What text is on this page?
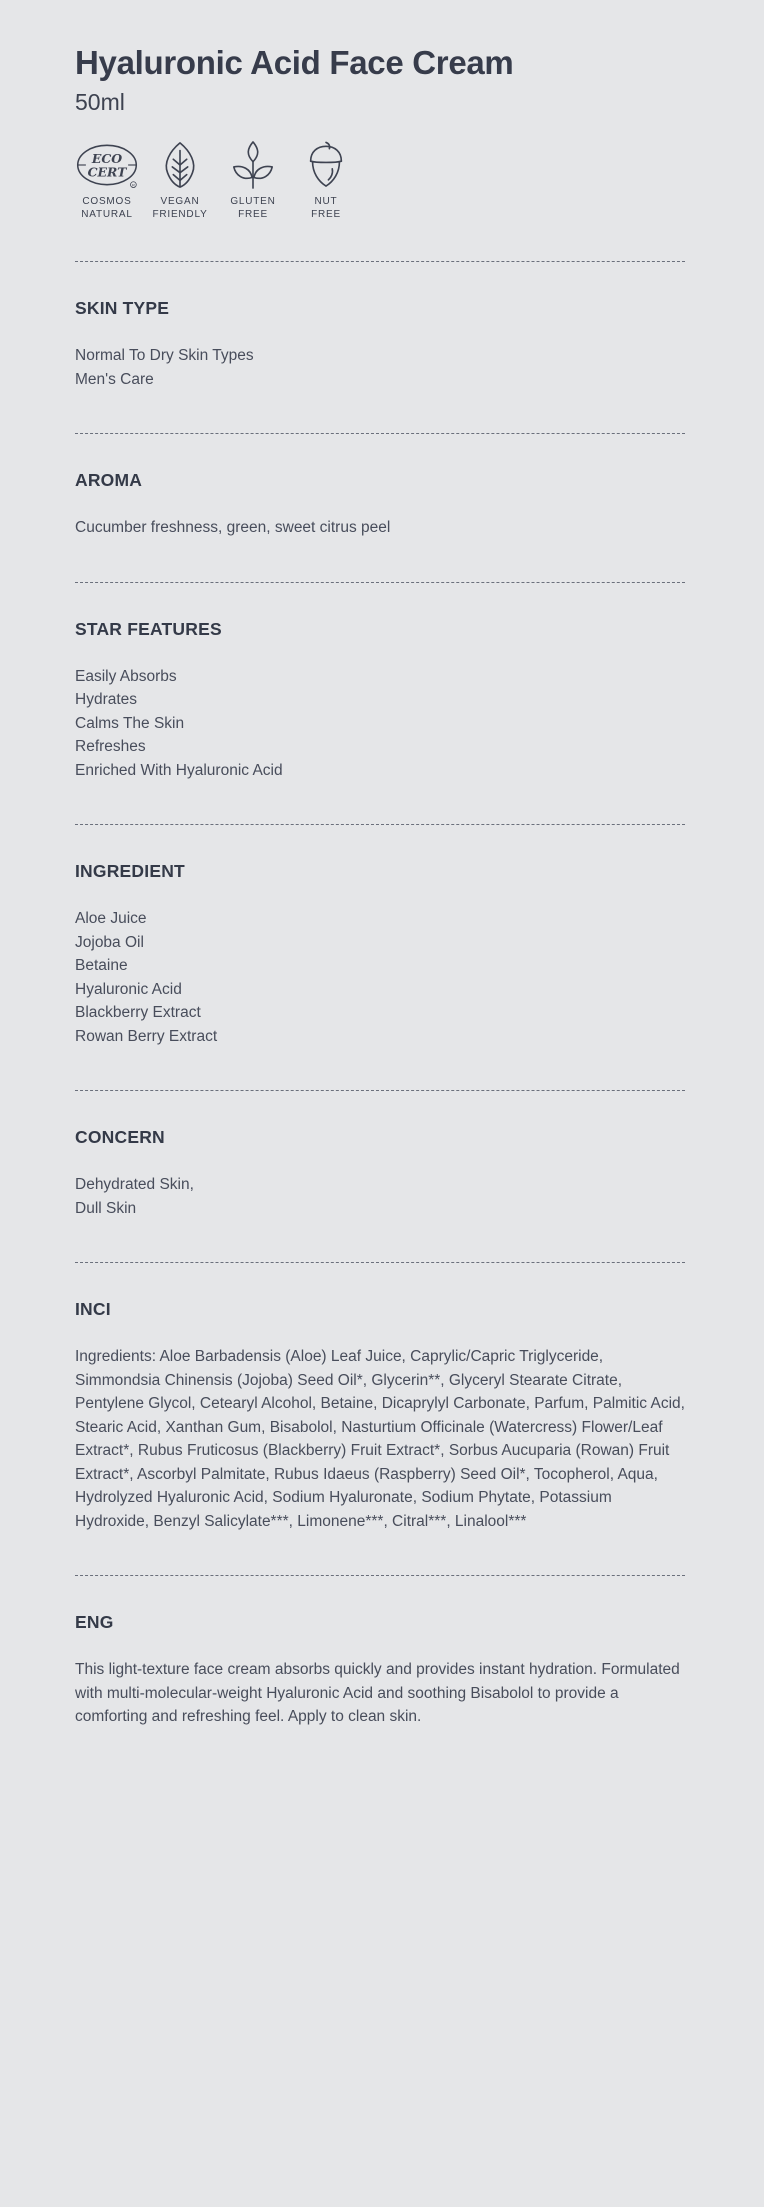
Hyaluronic Acid Face Cream
50ml
ECO
CERT
R
COSMOS
NATURAL
VEGAN
FRIENDLY
GLUTEN
FREE
NUT
FREE
SKIN TYPE
Normal To Dry Skin Types
Men's Care
AROMA
Cucumber freshness, green, sweet citrus peel
STAR FEATURES
Easily Absorbs
Hydrates
Calms The Skin
Refreshes
Enriched With Hyaluronic Acid
INGREDIENT
Aloe Juice
Jojoba Oil
Betaine
Hyaluronic Acid
Blackberry Extract
Rowan Berry Extract
CONCERN
Dehydrated Skin,
Dull Skin
INCI
Ingredients: Aloe Barbadensis (Aloe) Leaf Juice, Caprylic/Capric Triglyceride, Simmondsia Chinensis (Jojoba) Seed Oil*, Glycerin**, Glyceryl Stearate Citrate, Pentylene Glycol, Cetearyl Alcohol, Betaine, Dicaprylyl Carbonate, Parfum, Palmitic Acid, Stearic Acid, Xanthan Gum, Bisabolol, Nasturtium Officinale (Watercress) Flower/Leaf Extract*, Rubus Fruticosus (Blackberry) Fruit Extract*, Sorbus Aucuparia (Rowan) Fruit Extract*, Ascorbyl Palmitate, Rubus Idaeus (Raspberry) Seed Oil*, Tocopherol, Aqua, Hydrolyzed Hyaluronic Acid, Sodium Hyaluronate, Sodium Phytate, Potassium Hydroxide, Benzyl Salicylate***, Limonene***, Citral***, Linalool***
ENG
This light-texture face cream absorbs quickly and provides instant hydration. Formulated with multi-molecular-weight Hyaluronic Acid and soothing Bisabolol to provide a comforting and refreshing feel. Apply to clean skin.
